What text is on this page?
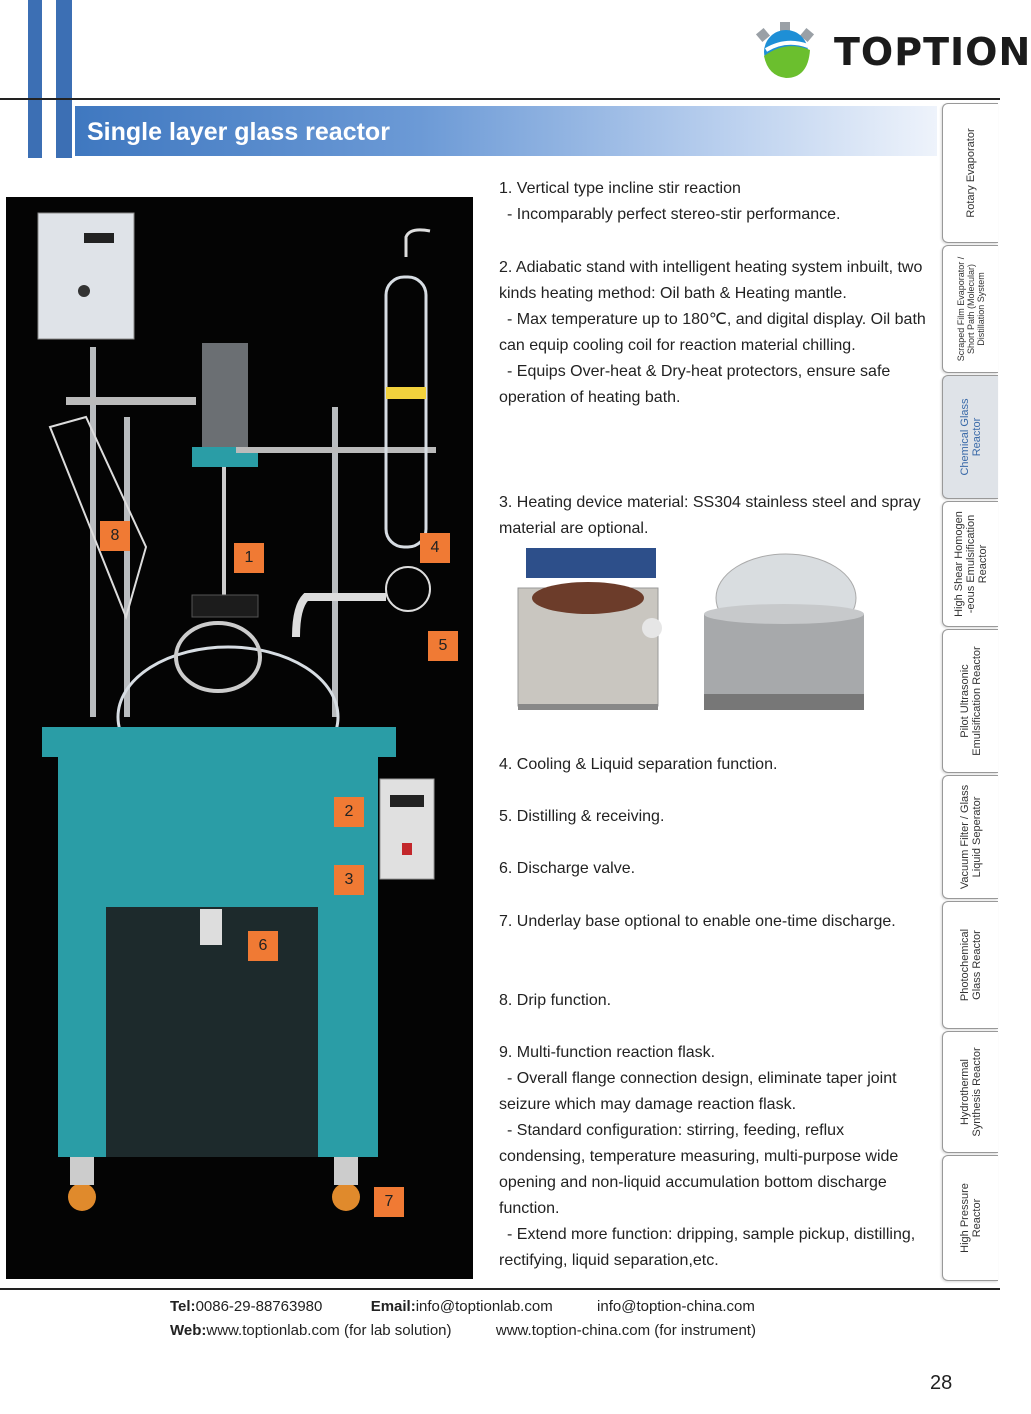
TOPTION
Single layer glass reactor	Rotary Evaporator
Scraped Film Evaporator /
Short Path (Molecular)
Distillation System
Chemical Glass
Reactor
High Shear Homogen
-eous Emulsification
Reactor
Pilot Ultrasonic
Emulsification Reactor
Vacuum Filter / Glass
Liquid Seperator
Photochemical
Glass Reactor
Hydrothermal
Synthesis Reactor
High Pressure
Reactor
8
1
4
5
2
3
6
7

1. Vertical type incline stir reaction

- Incomparably perfect stereo-stir performance.

2. Adiabatic stand with intelligent heating system inbuilt, two kinds heating method: Oil bath & Heating mantle.

- Max temperature up to 180℃, and digital display. Oil bath can equip cooling coil for reaction material chilling.

- Equips Over-heat & Dry-heat protectors, ensure safe operation of heating bath.

3. Heating device material: SS304 stainless steel and spray material are optional.

4. Cooling & Liquid separation function.

5. Distilling & receiving.

6. Discharge valve.

7. Underlay base optional to enable one-time discharge.

8. Drip function.

9. Multi-function reaction flask.

- Overall flange connection design, eliminate taper joint seizure which may damage reaction flask.

- Standard configuration: stirring, feeding, reflux condensing, temperature measuring, multi-purpose wide opening and non-liquid accumulation bottom discharge function.

- Extend more function: dripping, sample pickup, distilling, rectifying, liquid separation,etc.

Tel:0086-29-88763980	Email:info@toptionlab.com	info@toption-china.com
Web:www.toptionlab.com (for lab solution)	www.toption-china.com (for instrument)
28
